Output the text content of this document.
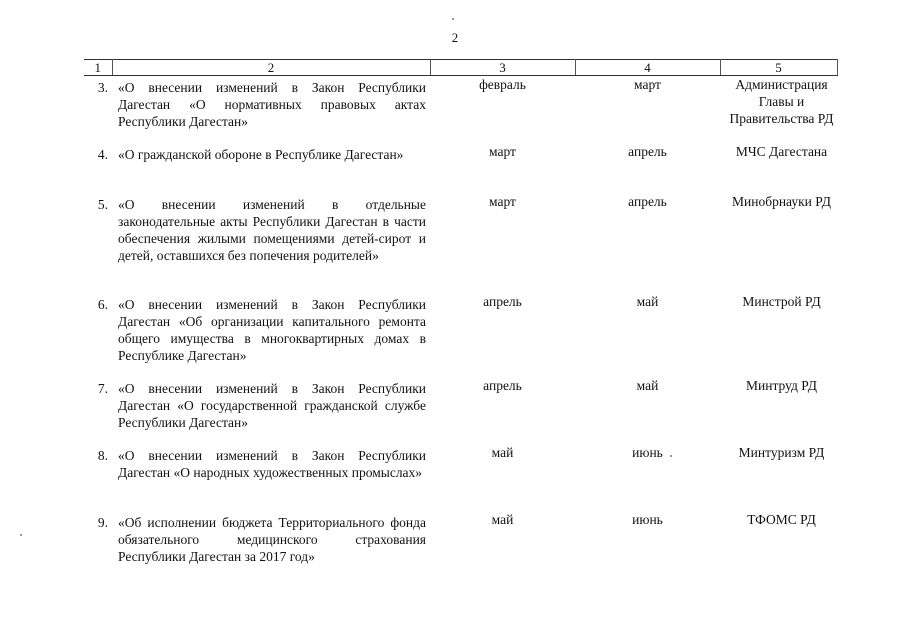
2
1	2	3	4	5
3.	«О внесении изменений в Закон Республики Дагестан «О нормативных правовых актах Республики Дагестан»	февраль	март	Администрация Главы и Правительства РД
4.	«О гражданской обороне в Республике Дагестан»	март	апрель	МЧС Дагестана
5.	«О внесении изменений в отдельные законодательные акты Республики Дагестан в части обеспечения жилыми помещениями детей-сирот и детей, оставшихся без попечения родителей»	март	апрель	Минобрнауки РД
6.	«О внесении изменений в Закон Республики Дагестан «Об организации капитального ремонта общего имущества в многоквартирных домах в Республике Дагестан»	апрель	май	Минстрой РД
7.	«О внесении изменений в Закон Республики Дагестан «О государственной гражданской службе Республики Дагестан»	апрель	май	Минтруд РД
8.	«О внесении изменений в Закон Республики Дагестан «О народных художественных промыслах»	май	июнь	Минтуризм РД
9.	«Об исполнении бюджета Территориального фонда обязательного медицинского страхования Республики Дагестан за 2017 год»	май	июнь	ТФОМС РД
